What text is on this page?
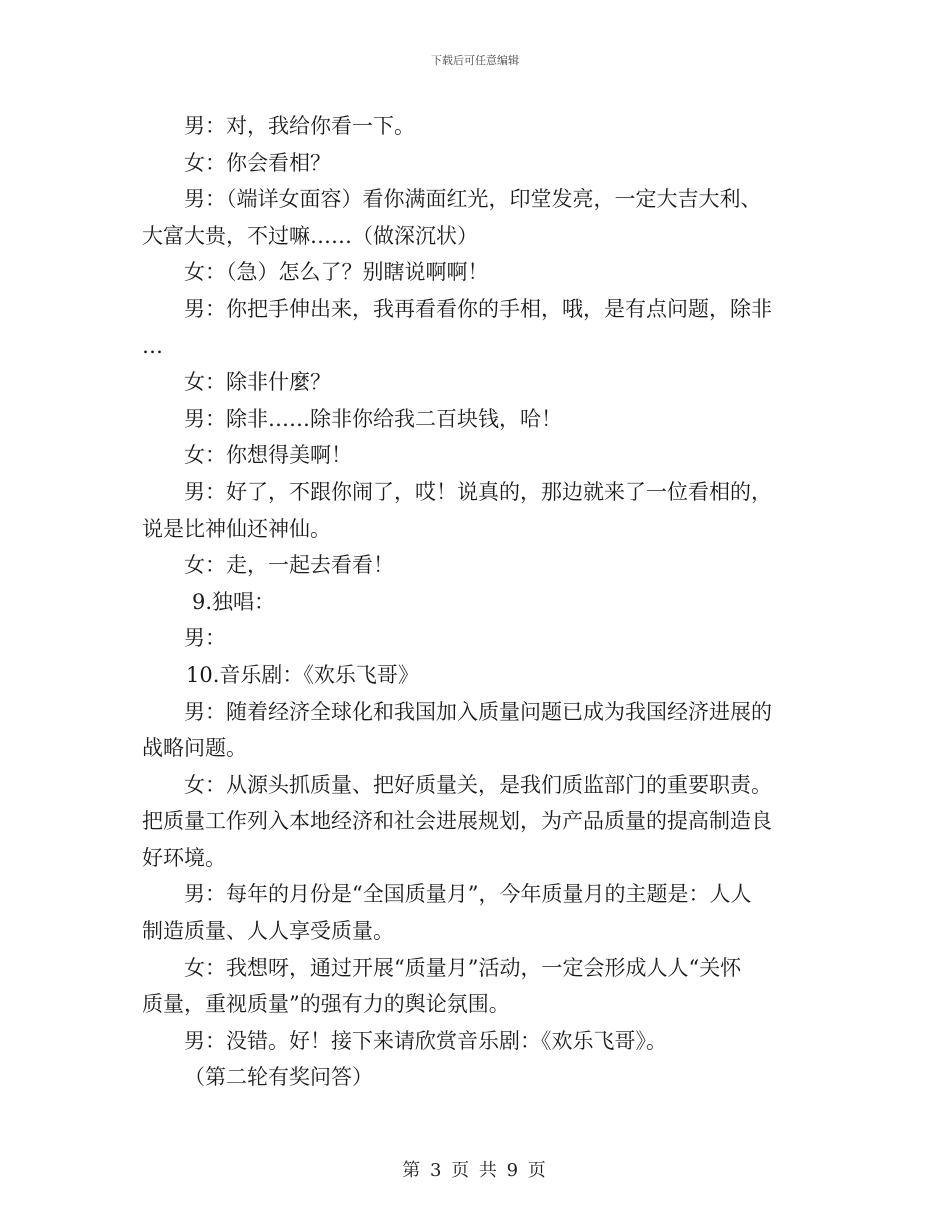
下载后可任意编辑

男：对，我给你看一下。

女：你会看相？

男：（端详女面容）看你满面红光，印堂发亮，一定大吉大利、

大富大贵，不过嘛……（做深沉状）

女：（急）怎么了？别瞎说啊啊！

男：你把手伸出来，我再看看你的手相，哦，是有点问题，除非

…

女：除非什麼？

男：除非……除非你给我二百块钱，哈！

女：你想得美啊！

男：好了，不跟你闹了，哎！说真的，那边就来了一位看相的，

说是比神仙还神仙。

女：走，一起去看看！

9.独唱：

男：

10.音乐剧：《欢乐飞哥》

男：随着经济全球化和我国加入质量问题已成为我国经济进展的

战略问题。

女：从源头抓质量、把好质量关，是我们质监部门的重要职责。

把质量工作列入本地经济和社会进展规划，为产品质量的提高制造良

好环境。

男：每年的月份是“全国质量月”，今年质量月的主题是：人人

制造质量、人人享受质量。

女：我想呀，通过开展“质量月”活动，一定会形成人人“关怀

质量，重视质量”的强有力的舆论氛围。

男：没错。好！接下来请欣赏音乐剧：《欢乐飞哥》。

（第二轮有奖问答）

第 3 页 共 9 页
